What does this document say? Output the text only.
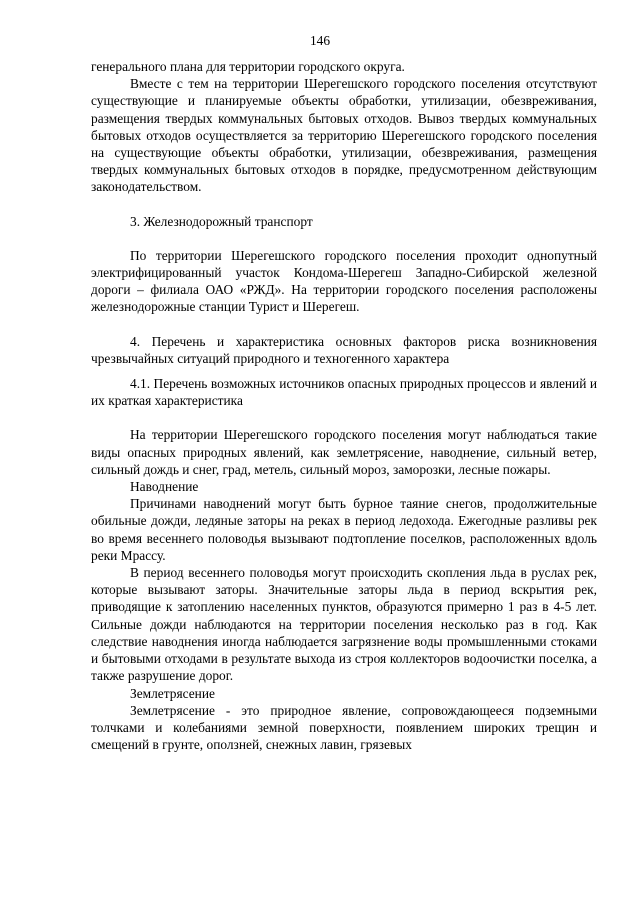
146

генерального плана для территории городского округа.

Вместе с тем на территории Шерегешского городского поселения отсутствуют существующие и планируемые объекты обработки, утилизации, обезвреживания, размещения твердых коммунальных бытовых отходов. Вывоз твердых коммунальных бытовых отходов осуществляется за территорию Шерегешского городского поселения на существующие объекты обработки, утилизации, обезвреживания, размещения твердых коммунальных бытовых отходов в порядке, предусмотренном действующим законодательством.

3. Железнодорожный транспорт

По территории Шерегешского городского поселения проходит однопутный электрифицированный участок Кондома-Шерегеш Западно-Сибирской железной дороги – филиала ОАО «РЖД». На территории городского поселения расположены железнодорожные станции Турист и Шерегеш.

4. Перечень и характеристика основных факторов риска возникновения чрезвычайных ситуаций природного и техногенного характера

4.1. Перечень возможных источников опасных природных процессов и явлений и их краткая характеристика

На территории Шерегешского городского поселения могут наблюдаться такие виды опасных природных явлений, как землетрясение, наводнение, сильный ветер, сильный дождь и снег, град, метель, сильный мороз, заморозки, лесные пожары.

Наводнение

Причинами наводнений могут быть бурное таяние снегов, продолжительные обильные дожди, ледяные заторы на реках в период ледохода. Ежегодные разливы рек во время весеннего половодья вызывают подтопление поселков, расположенных вдоль реки Мрассу.

В период весеннего половодья могут происходить скопления льда в руслах рек, которые вызывают заторы. Значительные заторы льда в период вскрытия рек, приводящие к затоплению населенных пунктов, образуются примерно 1 раз в 4-5 лет. Сильные дожди наблюдаются на территории поселения несколько раз в год. Как следствие наводнения иногда наблюдается загрязнение воды промышленными стоками и бытовыми отходами в результате выхода из строя коллекторов водоочистки поселка, а также разрушение дорог.

Землетрясение

Землетрясение - это природное явление, сопровождающееся подземными толчками и колебаниями земной поверхности, появлением широких трещин и смещений в грунте, оползней, снежных лавин, грязевых
